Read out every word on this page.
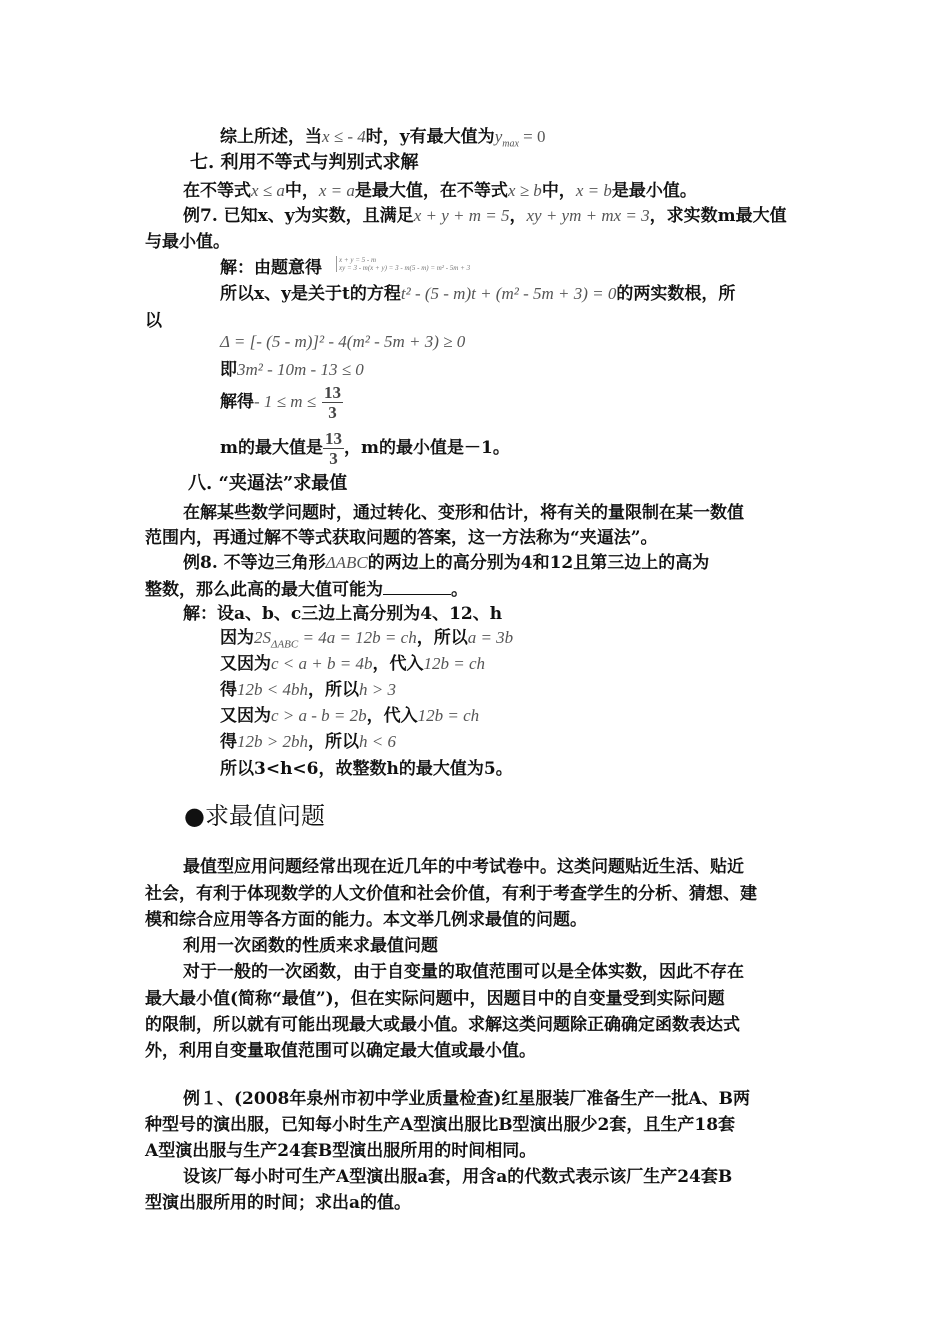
综上所述，当x ≤ - 4时，y有最大值为$y_{max} = 0$
七. 利用不等式与判别式求解
在不等式x ≤ a中，x = a是最大值，在不等式x ≥ b中，x = b是最小值。
例7. 已知x、y为实数，且满足x + y + m = 5，xy + ym + mx = 3，求实数m最大值
与最小值。
解：由题意得 x + y = 5 - m
xy = 3 - m(x + y) = 3 - m(5 - m) = m² - 5m + 3
所以x、y是关于t的方程t² - (5 - m)t + (m² - 5m + 3) = 0的两实数根，所
以
Δ = [- (5 - m)]² - 4(m² - 5m + 3) ≥ 0
即3m² - 10m - 13 ≤ 0
解得- $1 \le m \le \frac{13}{3}$
m的最大值是 $\frac{13}{3}$ ，m的最小值是－1。
八. “夹逼法”求最值
在解某些数学问题时，通过转化、变形和估计，将有关的量限制在某一数值
范围内，再通过解不等式获取问题的答案，这一方法称为“夹逼法”。
例8. 不等边三角形ΔABC的两边上的高分别为4和12且第三边上的高为
整数，那么此高的最大值可能为	。
解：设a、b、c三边上高分别为4、12、h
因为$2S_{\Delta ABC} = 4a = 12b$ = ch，所以a = 3b
又因为c < a + b = 4b，代入12b = ch
得12b < 4bh，所以h > 3
又因为c > a - b = 2b，代入12b = ch
得12b > 2bh，所以h < 6
所以3<h<6，故整数h的最大值为5。
●求最值问题
最值型应用问题经常出现在近几年的中考试卷中。这类问题贴近生活、贴近
社会，有利于体现数学的人文价值和社会价值，有利于考查学生的分析、猜想、建
模和综合应用等各方面的能力。本文举几例求最值的问题。
利用一次函数的性质来求最值问题
对于一般的一次函数，由于自变量的取值范围可以是全体实数，因此不存在
最大最小值(简称“最值”)，但在实际问题中，因题目中的自变量受到实际问题
的限制，所以就有可能出现最大或最小值。求解这类问题除正确确定函数表达式
外，利用自变量取值范围可以确定最大值或最小值。
例１、(2008年泉州市初中学业质量检查)红星服装厂准备生产一批A、B两
种型号的演出服，已知每小时生产A型演出服比B型演出服少2套，且生产18套
A型演出服与生产24套B型演出服所用的时间相同。
设该厂每小时可生产A型演出服a套，用含a的代数式表示该厂生产24套B
型演出服所用的时间；求出a的值。
